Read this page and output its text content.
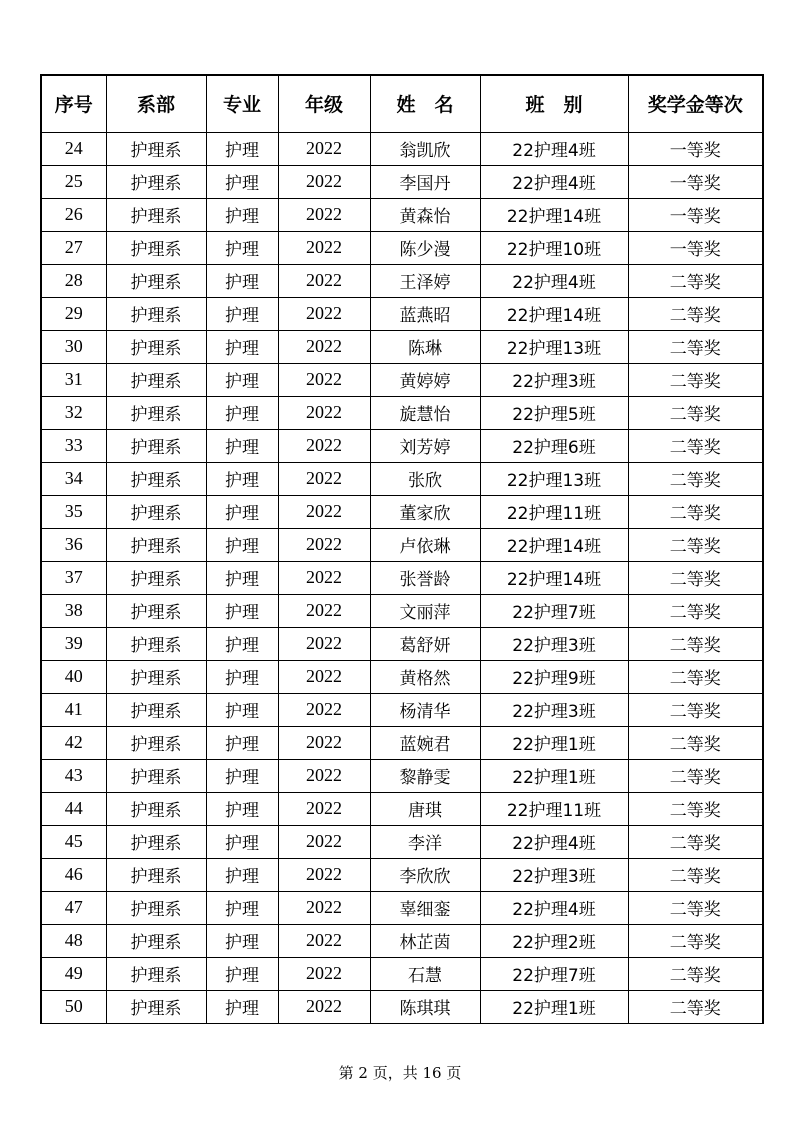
序号	系部	专业	年级	姓　名	班　别	奖学金等次
24	护理系	护理	2022	翁凯欣	22护理4班	一等奖
25	护理系	护理	2022	李国丹	22护理4班	一等奖
26	护理系	护理	2022	黄森怡	22护理14班	一等奖
27	护理系	护理	2022	陈少漫	22护理10班	一等奖
28	护理系	护理	2022	王泽婷	22护理4班	二等奖
29	护理系	护理	2022	蓝燕昭	22护理14班	二等奖
30	护理系	护理	2022	陈琳	22护理13班	二等奖
31	护理系	护理	2022	黄婷婷	22护理3班	二等奖
32	护理系	护理	2022	旋慧怡	22护理5班	二等奖
33	护理系	护理	2022	刘芳婷	22护理6班	二等奖
34	护理系	护理	2022	张欣	22护理13班	二等奖
35	护理系	护理	2022	董家欣	22护理11班	二等奖
36	护理系	护理	2022	卢依琳	22护理14班	二等奖
37	护理系	护理	2022	张誉龄	22护理14班	二等奖
38	护理系	护理	2022	文丽萍	22护理7班	二等奖
39	护理系	护理	2022	葛舒妍	22护理3班	二等奖
40	护理系	护理	2022	黄格然	22护理9班	二等奖
41	护理系	护理	2022	杨清华	22护理3班	二等奖
42	护理系	护理	2022	蓝婉君	22护理1班	二等奖
43	护理系	护理	2022	黎静雯	22护理1班	二等奖
44	护理系	护理	2022	唐琪	22护理11班	二等奖
45	护理系	护理	2022	李洋	22护理4班	二等奖
46	护理系	护理	2022	李欣欣	22护理3班	二等奖
47	护理系	护理	2022	辜细銮	22护理4班	二等奖
48	护理系	护理	2022	林芷茵	22护理2班	二等奖
49	护理系	护理	2022	石慧	22护理7班	二等奖
50	护理系	护理	2022	陈琪琪	22护理1班	二等奖
第 2 页，共 16 页
